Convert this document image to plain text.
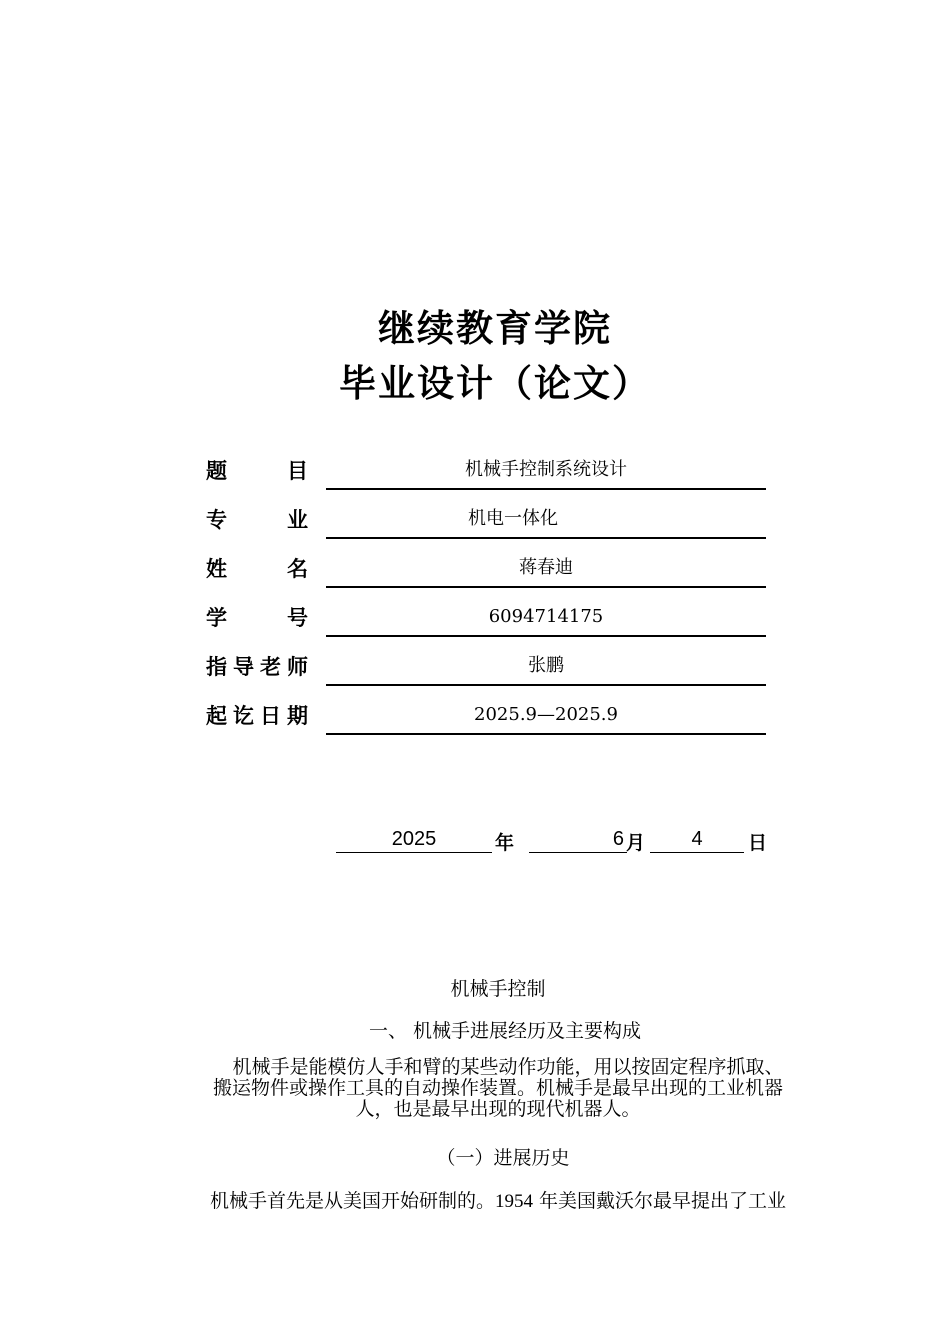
继续教育学院
毕业设计（论文）
题	目	机械手控制系统设计
专	业	机电一体化
姓	名	蒋春迪
学	号	6094714175
指 导 老 师	张鹏
起 讫 日 期	2025.9—2025.9
2025	年	6 月	4	日
机械手控制
一、 机械手进展经历及主要构成
机械手是能模仿人手和臂的某些动作功能，用以按固定程序抓取、
搬运物件或操作工具的自动操作装置。机械手是最早出现的工业机器
人，也是最早出现的现代机器人。
（一）进展历史
机械手首先是从美国开始研制的。1954 年美国戴沃尔最早提出了工业
